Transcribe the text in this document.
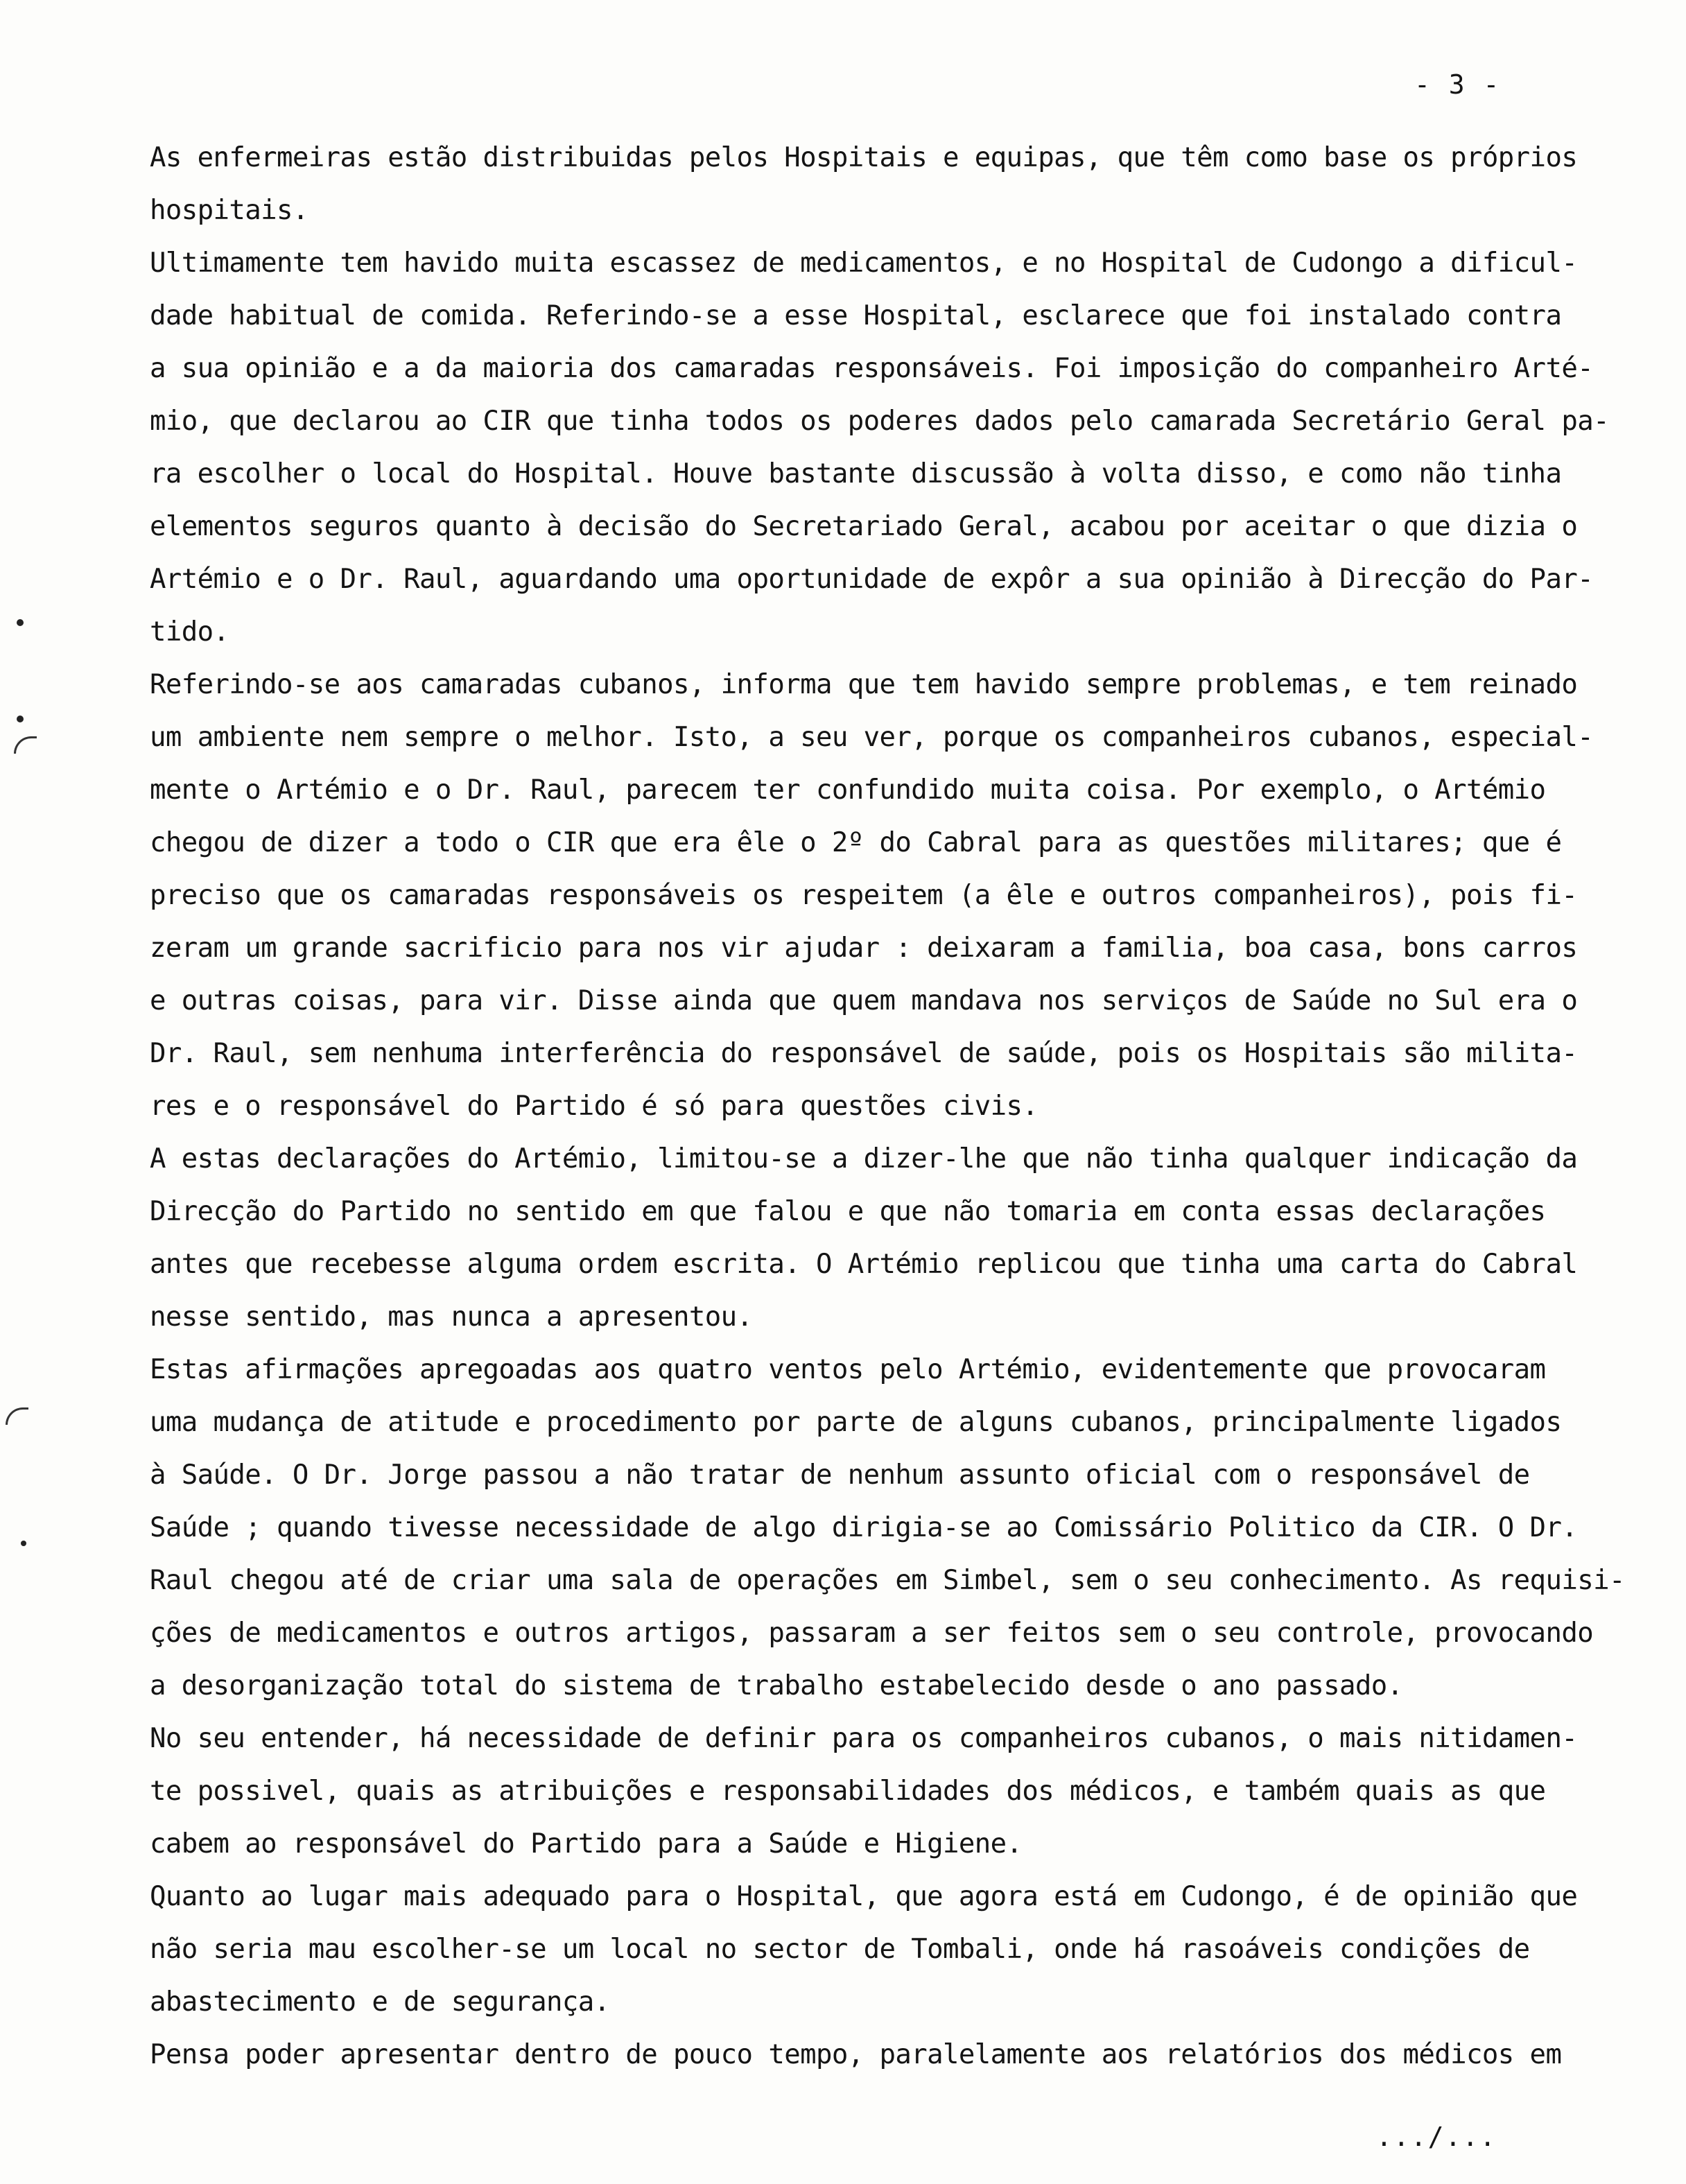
- 3 -
As enfermeiras estão distribuidas pelos Hospitais e equipas, que têm como base os próprios
hospitais.
Ultimamente tem havido muita escassez de medicamentos, e no Hospital de Cudongo a dificul-
dade habitual de comida. Referindo-se a esse Hospital, esclarece que foi instalado contra
a sua opinião e a da maioria dos camaradas responsáveis. Foi imposição do companheiro Arté-
mio, que declarou ao CIR que tinha todos os poderes dados pelo camarada Secretário Geral pa-
ra escolher o local do Hospital. Houve bastante discussão à volta disso, e como não tinha
elementos seguros quanto à decisão do Secretariado Geral, acabou por aceitar o que dizia o
Artémio e o Dr. Raul, aguardando uma oportunidade de expôr a sua opinião à Direcção do Par-
tido.
Referindo-se aos camaradas cubanos, informa que tem havido sempre problemas, e tem reinado
um ambiente nem sempre o melhor. Isto, a seu ver, porque os companheiros cubanos, especial-
mente o Artémio e o Dr. Raul, parecem ter confundido muita coisa. Por exemplo, o Artémio
chegou de dizer a todo o CIR que era êle o 2º do Cabral para as questões militares; que é
preciso que os camaradas responsáveis os respeitem (a êle e outros companheiros), pois fi-
zeram um grande sacrificio para nos vir ajudar : deixaram a familia, boa casa, bons carros
e outras coisas, para vir. Disse ainda que quem mandava nos serviços de Saúde no Sul era o
Dr. Raul, sem nenhuma interferência do responsável de saúde, pois os Hospitais são milita-
res e o responsável do Partido é só para questões civis.
A estas declarações do Artémio, limitou-se a dizer-lhe que não tinha qualquer indicação da
Direcção do Partido no sentido em que falou e que não tomaria em conta essas declarações
antes que recebesse alguma ordem escrita. O Artémio replicou que tinha uma carta do Cabral
nesse sentido, mas nunca a apresentou.
Estas afirmações apregoadas aos quatro ventos pelo Artémio, evidentemente que provocaram
uma mudança de atitude e procedimento por parte de alguns cubanos, principalmente ligados
à Saúde. O Dr. Jorge passou a não tratar de nenhum assunto oficial com o responsável de
Saúde ; quando tivesse necessidade de algo dirigia-se ao Comissário Politico da CIR. O Dr.
Raul chegou até de criar uma sala de operações em Simbel, sem o seu conhecimento. As requisi-
ções de medicamentos e outros artigos, passaram a ser feitos sem o seu controle, provocando
a desorganização total do sistema de trabalho estabelecido desde o ano passado.
No seu entender, há necessidade de definir para os companheiros cubanos, o mais nitidamen-
te possivel, quais as atribuições e responsabilidades dos médicos, e também quais as que
cabem ao responsável do Partido para a Saúde e Higiene.
Quanto ao lugar mais adequado para o Hospital, que agora está em Cudongo, é de opinião que
não seria mau escolher-se um local no sector de Tombali, onde há rasoáveis condições de
abastecimento e de segurança.
Pensa poder apresentar dentro de pouco tempo, paralelamente aos relatórios dos médicos em
.../...
